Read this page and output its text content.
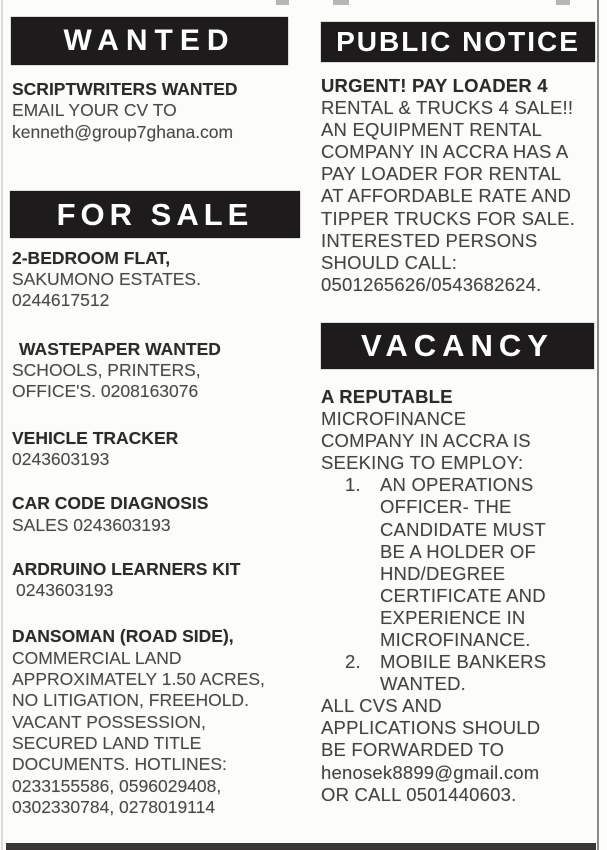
WANTED
SCRIPTWRITERS WANTED
EMAIL YOUR CV TO
kenneth@group7ghana.com
FOR SALE
2-BEDROOM FLAT,
SAKUMONO ESTATES.
0244617512
WASTEPAPER WANTED
SCHOOLS, PRINTERS,
OFFICE'S. 0208163076
VEHICLE TRACKER
0243603193
CAR CODE DIAGNOSIS
SALES 0243603193
ARDRUINO LEARNERS KIT
0243603193
DANSOMAN (ROAD SIDE),
COMMERCIAL LAND
APPROXIMATELY 1.50 ACRES,
NO LITIGATION, FREEHOLD.
VACANT POSSESSION,
SECURED LAND TITLE
DOCUMENTS. HOTLINES:
0233155586, 0596029408,
0302330784, 0278019114
PUBLIC NOTICE
URGENT! PAY LOADER 4
RENTAL & TRUCKS 4 SALE!!
AN EQUIPMENT RENTAL
COMPANY IN ACCRA HAS A
PAY LOADER FOR RENTAL
AT AFFORDABLE RATE AND
TIPPER TRUCKS FOR SALE.
INTERESTED PERSONS
SHOULD CALL:
0501265626/0543682624.
VACANCY
A REPUTABLE
MICROFINANCE
COMPANY IN ACCRA IS
SEEKING TO EMPLOY:
1.	AN OPERATIONS
OFFICER- THE
CANDIDATE MUST
BE A HOLDER OF
HND/DEGREE
CERTIFICATE AND
EXPERIENCE IN
MICROFINANCE.
2.	MOBILE BANKERS
WANTED.
ALL CVS AND
APPLICATIONS SHOULD
BE FORWARDED TO
henosek8899@gmail.com
OR CALL 0501440603.
